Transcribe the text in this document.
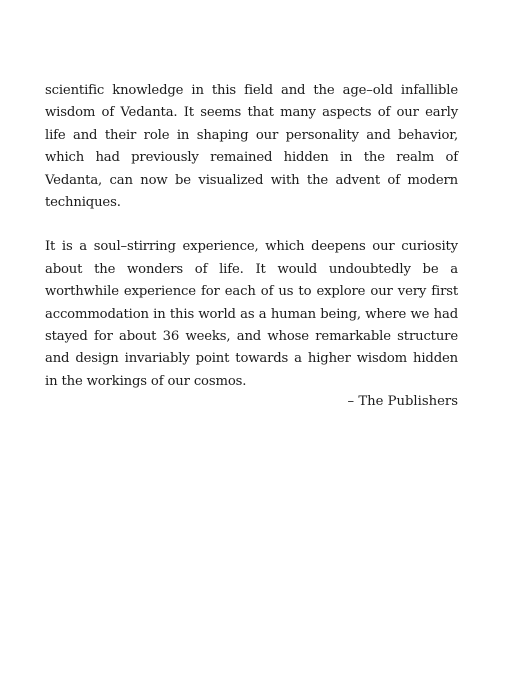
scientific knowledge in this field and the age–old infallible wisdom of Vedanta. It seems that many aspects of our early life and their role in shaping our personality and behavior, which had previously remained hidden in the realm of Vedanta, can now be visualized with the advent of modern techniques.

It is a soul–stirring experience, which deepens our curiosity about the wonders of life. It would undoubtedly be a worthwhile experience for each of us to explore our very first accommodation in this world as a human being, where we had stayed for about 36 weeks, and whose remarkable structure and design invariably point towards a higher wisdom hidden in the workings of our cosmos.

– The Publishers
